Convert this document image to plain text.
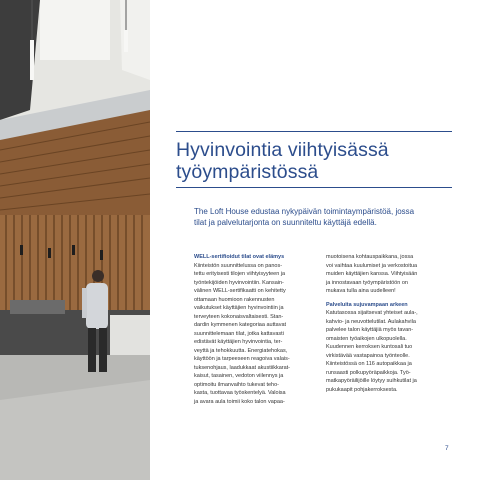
Hyvinvointia viihtyisässä
työympäristössä

The Loft House edustaa nykypäivän toimintaympäristöä, jossa
tilat ja palvelutarjonta on suunniteltu käyttäjä edellä.

WELL-sertifioidut tilat ovat elämys
Kiinteistön suunnittelussa on panos-
tettu erityisesti tilojen viihtyisyyteen ja
työntekijöiden hyvinvointiin. Kansain-
välinen WELL-sertifikaatti on kehitetty
ottamaan huomioon rakennusten
vaikutukset käyttäjien hyvinvointiin ja
terveyteen kokonaisvaltaisesti. Stan-
dardin kymmenen kategoriaa auttavat
suunnittelemaan tilat, jotka kattavasti
edistävät käyttäjien hyvinvointia, ter-
veyttä ja tehokkuutta. Energiatehokas,
käyttöön ja tarpeeseen reagoiva valais-
tuksenohjaus, laadukkaat akustiikkarat-
kaisut, tasainen, vedoton viilennys ja
optimoitu ilmanvaihto tukevat teho-
kasta, tuottavaa työskentelyä. Valoisa
ja avara aula toimii koko talon vapaa-
muotoisena kohtauspaikkana, jossa
voi vaihtaa kuulumiset ja verkostoitua
muiden käyttäjien kanssa. Viihtyisään
ja innostavaan työympäristöön on
mukava tulla aina uudelleen!
Palveluita sujuvampaan arkeen
Katutasossa sijaitsevat yhteiset aula-,
kahvio- ja neuvottelutilat. Aulakahvila
palvelee talon käyttäjiä myös tavan-
omaisten työaikojen ulkopuolella.
Kuudennen kerroksen kuntosali tuo
virkistävää vastapainoa työnteolle.
Kiinteistössä on 116 autopaikkaa ja
runsaasti polkupyöräpaikkoja. Työ-
matkapyöräilijöille löytyy suihkutilat ja
pukukaapit pohjakerroksesta.
7
